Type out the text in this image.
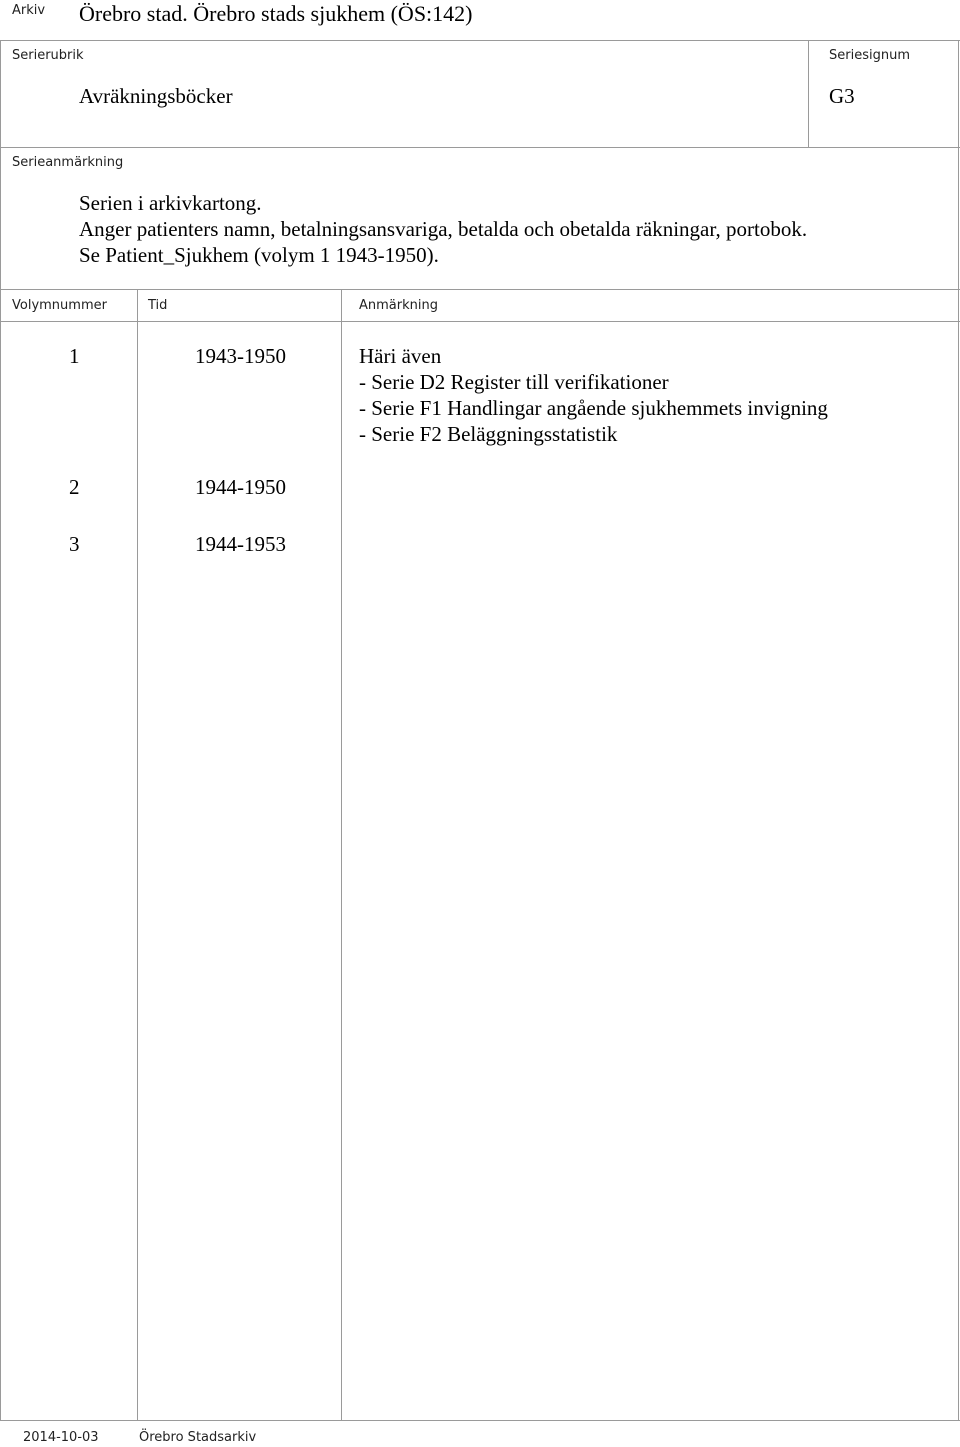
Arkiv Örebro stad. Örebro stads sjukhem (ÖS:142)
Serierubrik
Avräkningsböcker
Seriesignum
G3
Serieanmärkning
Serien i arkivkartong.
Anger patienters namn, betalningsansvariga, betalda och obetalda räkningar, portobok.
Se Patient_Sjukhem (volym 1 1943-1950).
Volymnummer	Tid	Anmärkning
1	1943-1950	Häri även
- Serie D2 Register till verifikationer
- Serie F1 Handlingar angående sjukhemmets invigning
- Serie F2 Beläggningsstatistik
2	1944-1950
3	1944-1953
2014-10-03	Örebro Stadsarkiv
